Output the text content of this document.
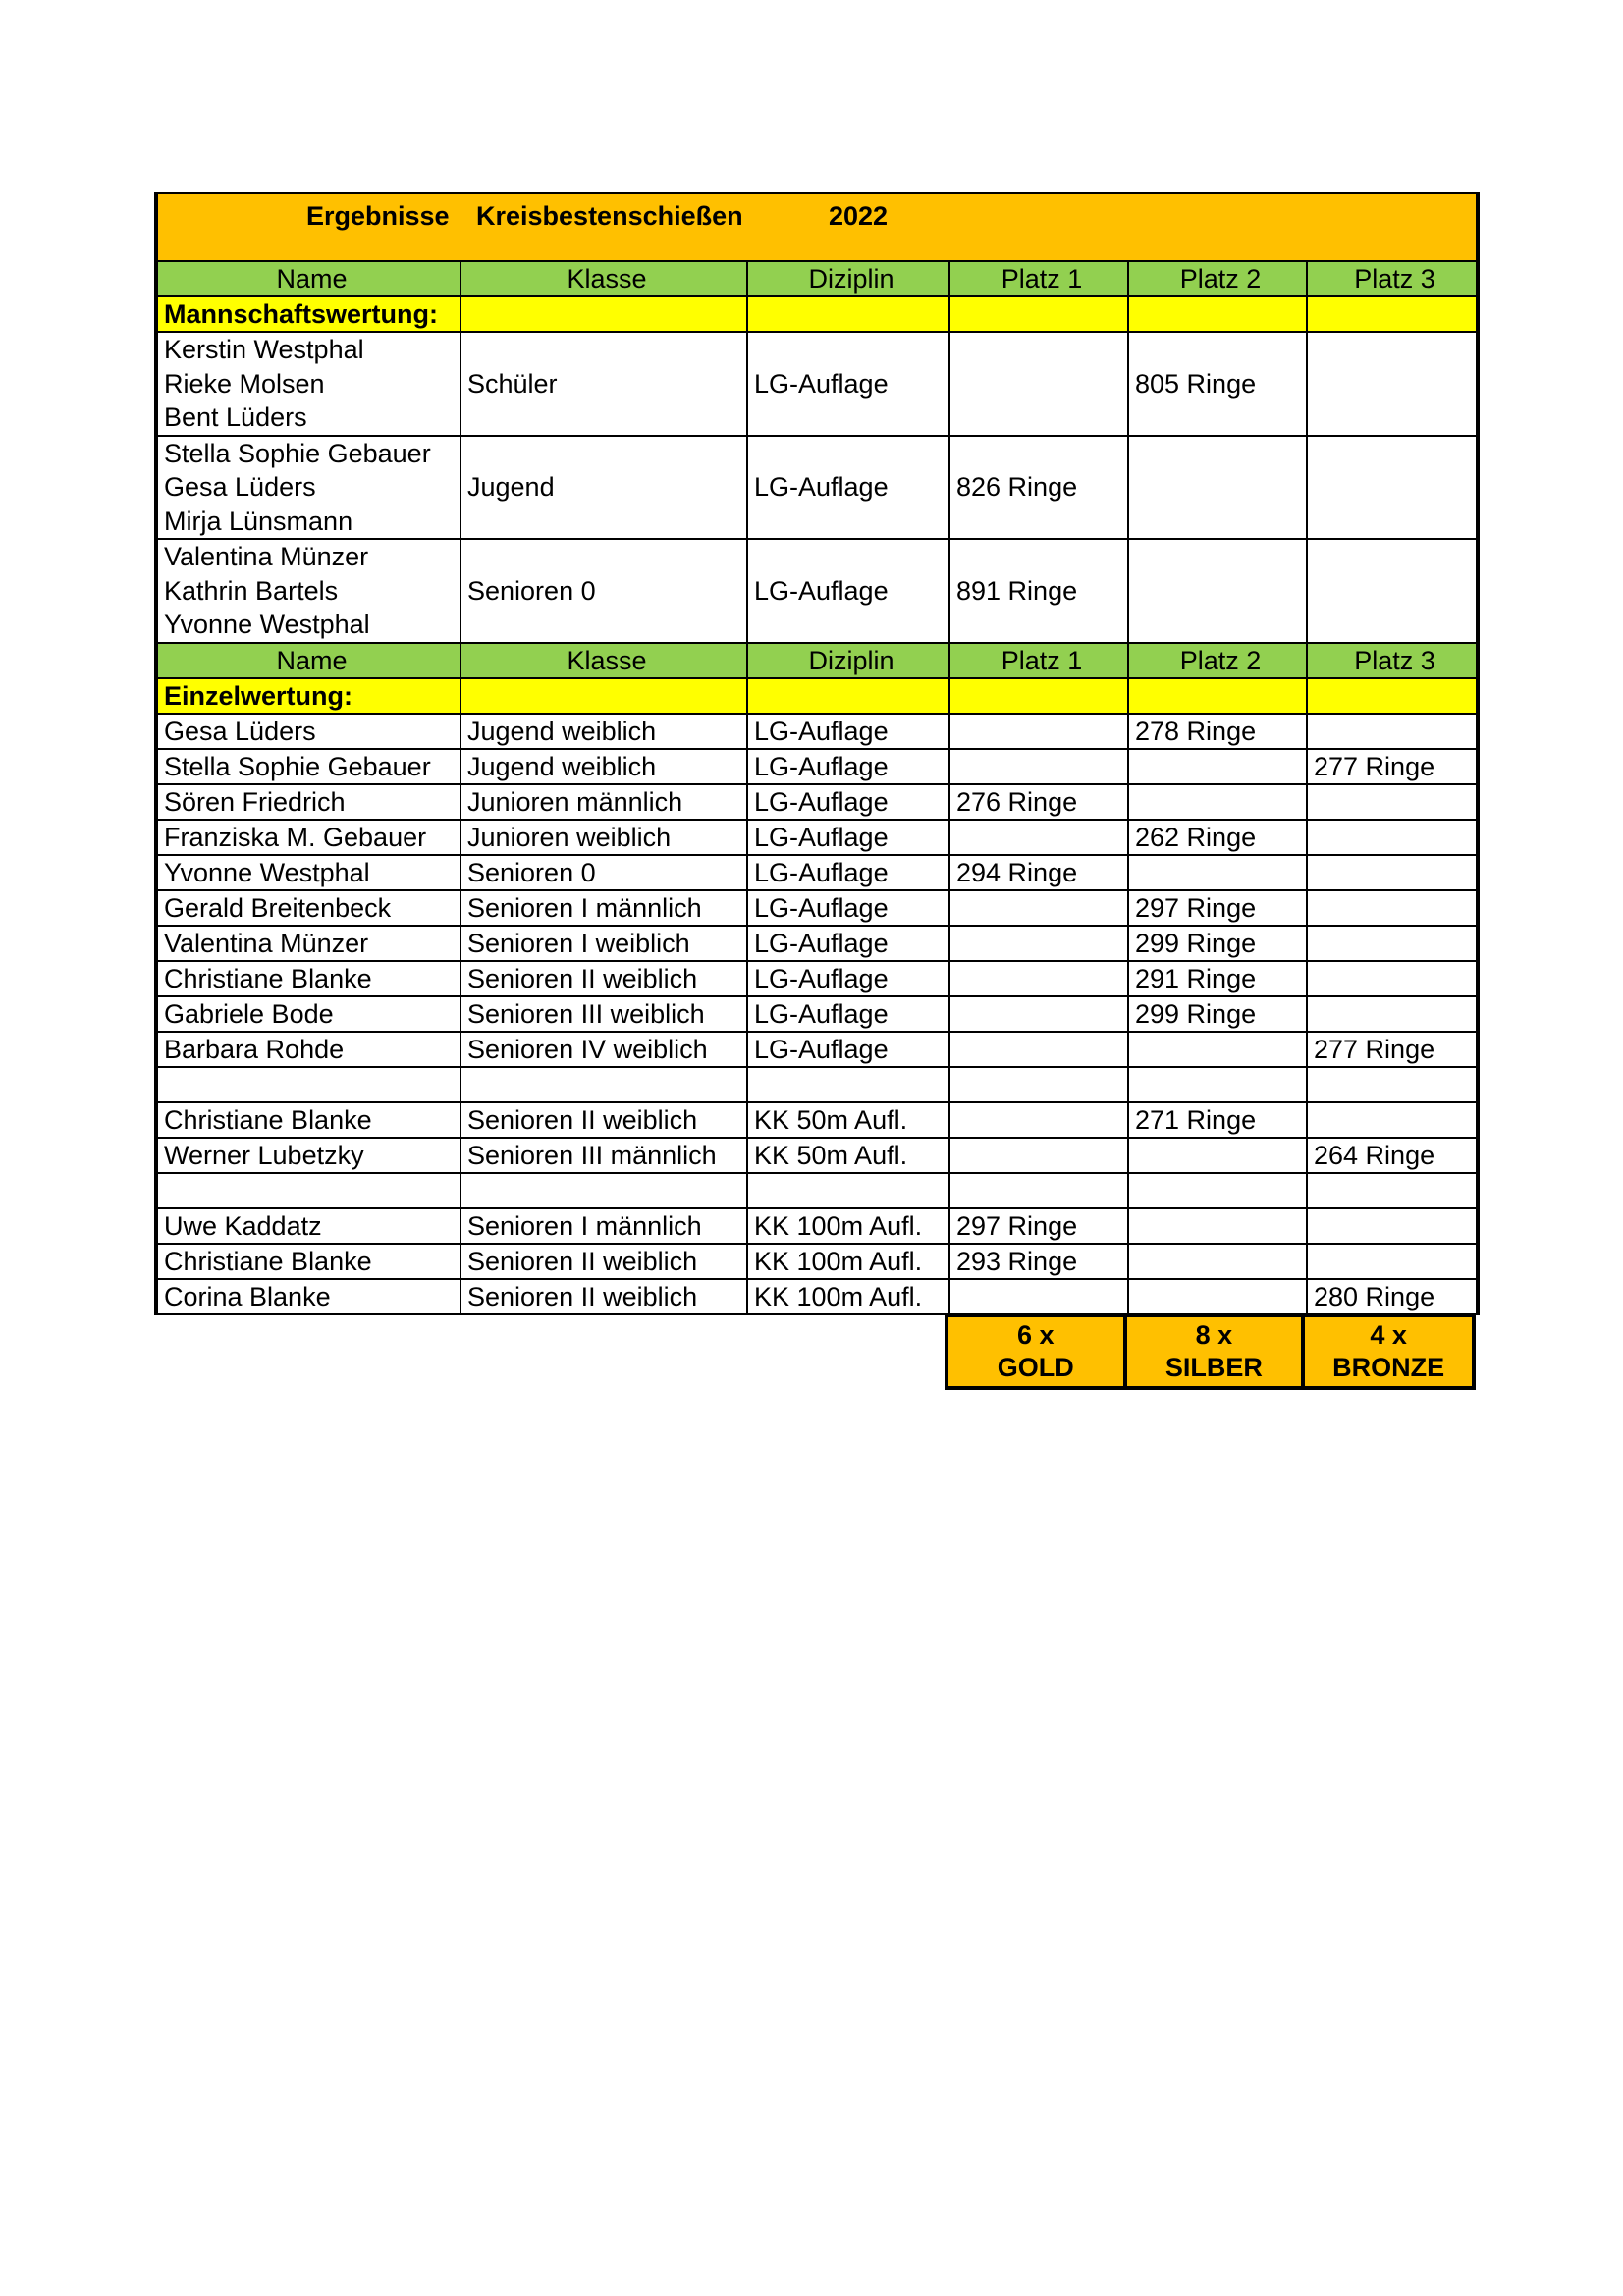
Ergebnisse Kreisbestenschießen 2022					

Name	Klasse	Diziplin	Platz 1	Platz 2	Platz 3
Mannschaftswertung:					
Kerstin Westphal
Rieke Molsen
Bent Lüders	Schüler	LG-Auflage		805 Ringe	
Stella Sophie Gebauer
Gesa Lüders
Mirja Lünsmann	Jugend	LG-Auflage	826 Ringe		
Valentina Münzer
Kathrin Bartels
Yvonne Westphal	Senioren 0	LG-Auflage	891 Ringe		
Name	Klasse	Diziplin	Platz 1	Platz 2	Platz 3
Einzelwertung:					
Gesa Lüders	Jugend weiblich	LG-Auflage		278 Ringe	
Stella Sophie Gebauer	Jugend weiblich	LG-Auflage			277 Ringe
Sören Friedrich	Junioren männlich	LG-Auflage	276 Ringe		
Franziska M. Gebauer	Junioren weiblich	LG-Auflage		262 Ringe	
Yvonne Westphal	Senioren 0	LG-Auflage	294 Ringe		
Gerald Breitenbeck	Senioren I männlich	LG-Auflage		297 Ringe	
Valentina Münzer	Senioren I weiblich	LG-Auflage		299 Ringe	
Christiane Blanke	Senioren II weiblich	LG-Auflage		291 Ringe	
Gabriele Bode	Senioren III weiblich	LG-Auflage		299 Ringe	
Barbara Rohde	Senioren IV weiblich	LG-Auflage			277 Ringe

Christiane Blanke	Senioren II weiblich	KK 50m Aufl.		271 Ringe	
Werner Lubetzky	Senioren III männlich	KK 50m Aufl.			264 Ringe

Uwe Kaddatz	Senioren I männlich	KK 100m Aufl.	297 Ringe		
Christiane Blanke	Senioren II weiblich	KK 100m Aufl.	293 Ringe		
Corina Blanke	Senioren II weiblich	KK 100m Aufl.			280 Ringe
6 x
GOLD

8 x
SILBER

4 x
BRONZE
